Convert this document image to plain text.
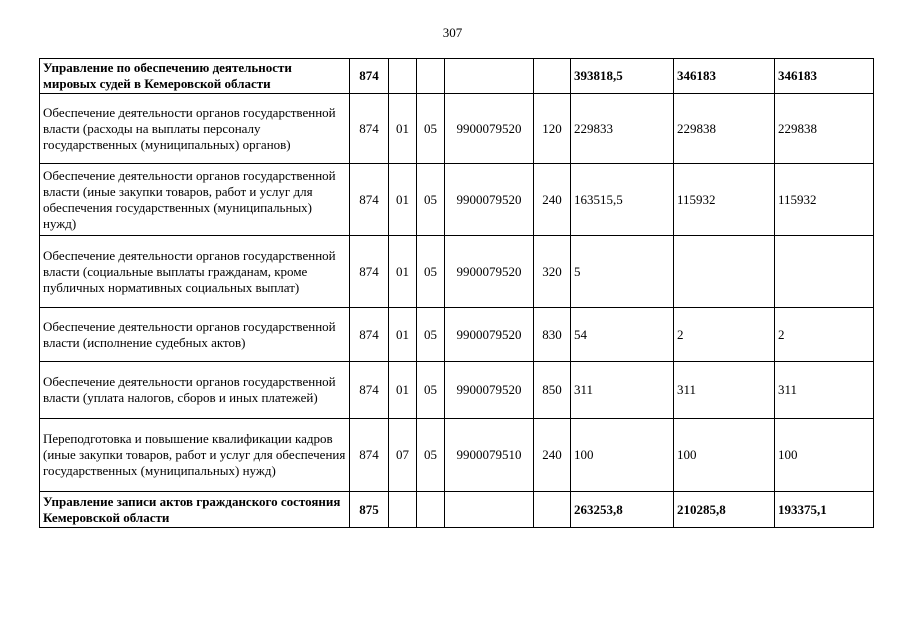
307
Управление по обеспечению деятельности мировых судей в Кемеровской области	874					393818,5	346183	346183
Обеспечение деятельности органов государственной власти (расходы на выплаты персоналу государственных (муниципальных) органов)	874	01	05	9900079520	120	229833	229838	229838
Обеспечение деятельности органов государственной власти (иные закупки товаров, работ и услуг для обеспечения государственных (муниципальных) нужд)	874	01	05	9900079520	240	163515,5	115932	115932
Обеспечение деятельности органов государственной власти (социальные выплаты гражданам, кроме публичных нормативных социальных выплат)	874	01	05	9900079520	320	5		
Обеспечение деятельности органов государственной власти (исполнение судебных актов)	874	01	05	9900079520	830	54	2	2
Обеспечение деятельности органов государственной власти (уплата налогов, сборов и иных платежей)	874	01	05	9900079520	850	311	311	311
Переподготовка и повышение квалификации кадров (иные закупки товаров, работ и услуг для обеспечения государственных (муниципальных) нужд)	874	07	05	9900079510	240	100	100	100
Управление записи актов гражданского состояния Кемеровской области	875					263253,8	210285,8	193375,1
